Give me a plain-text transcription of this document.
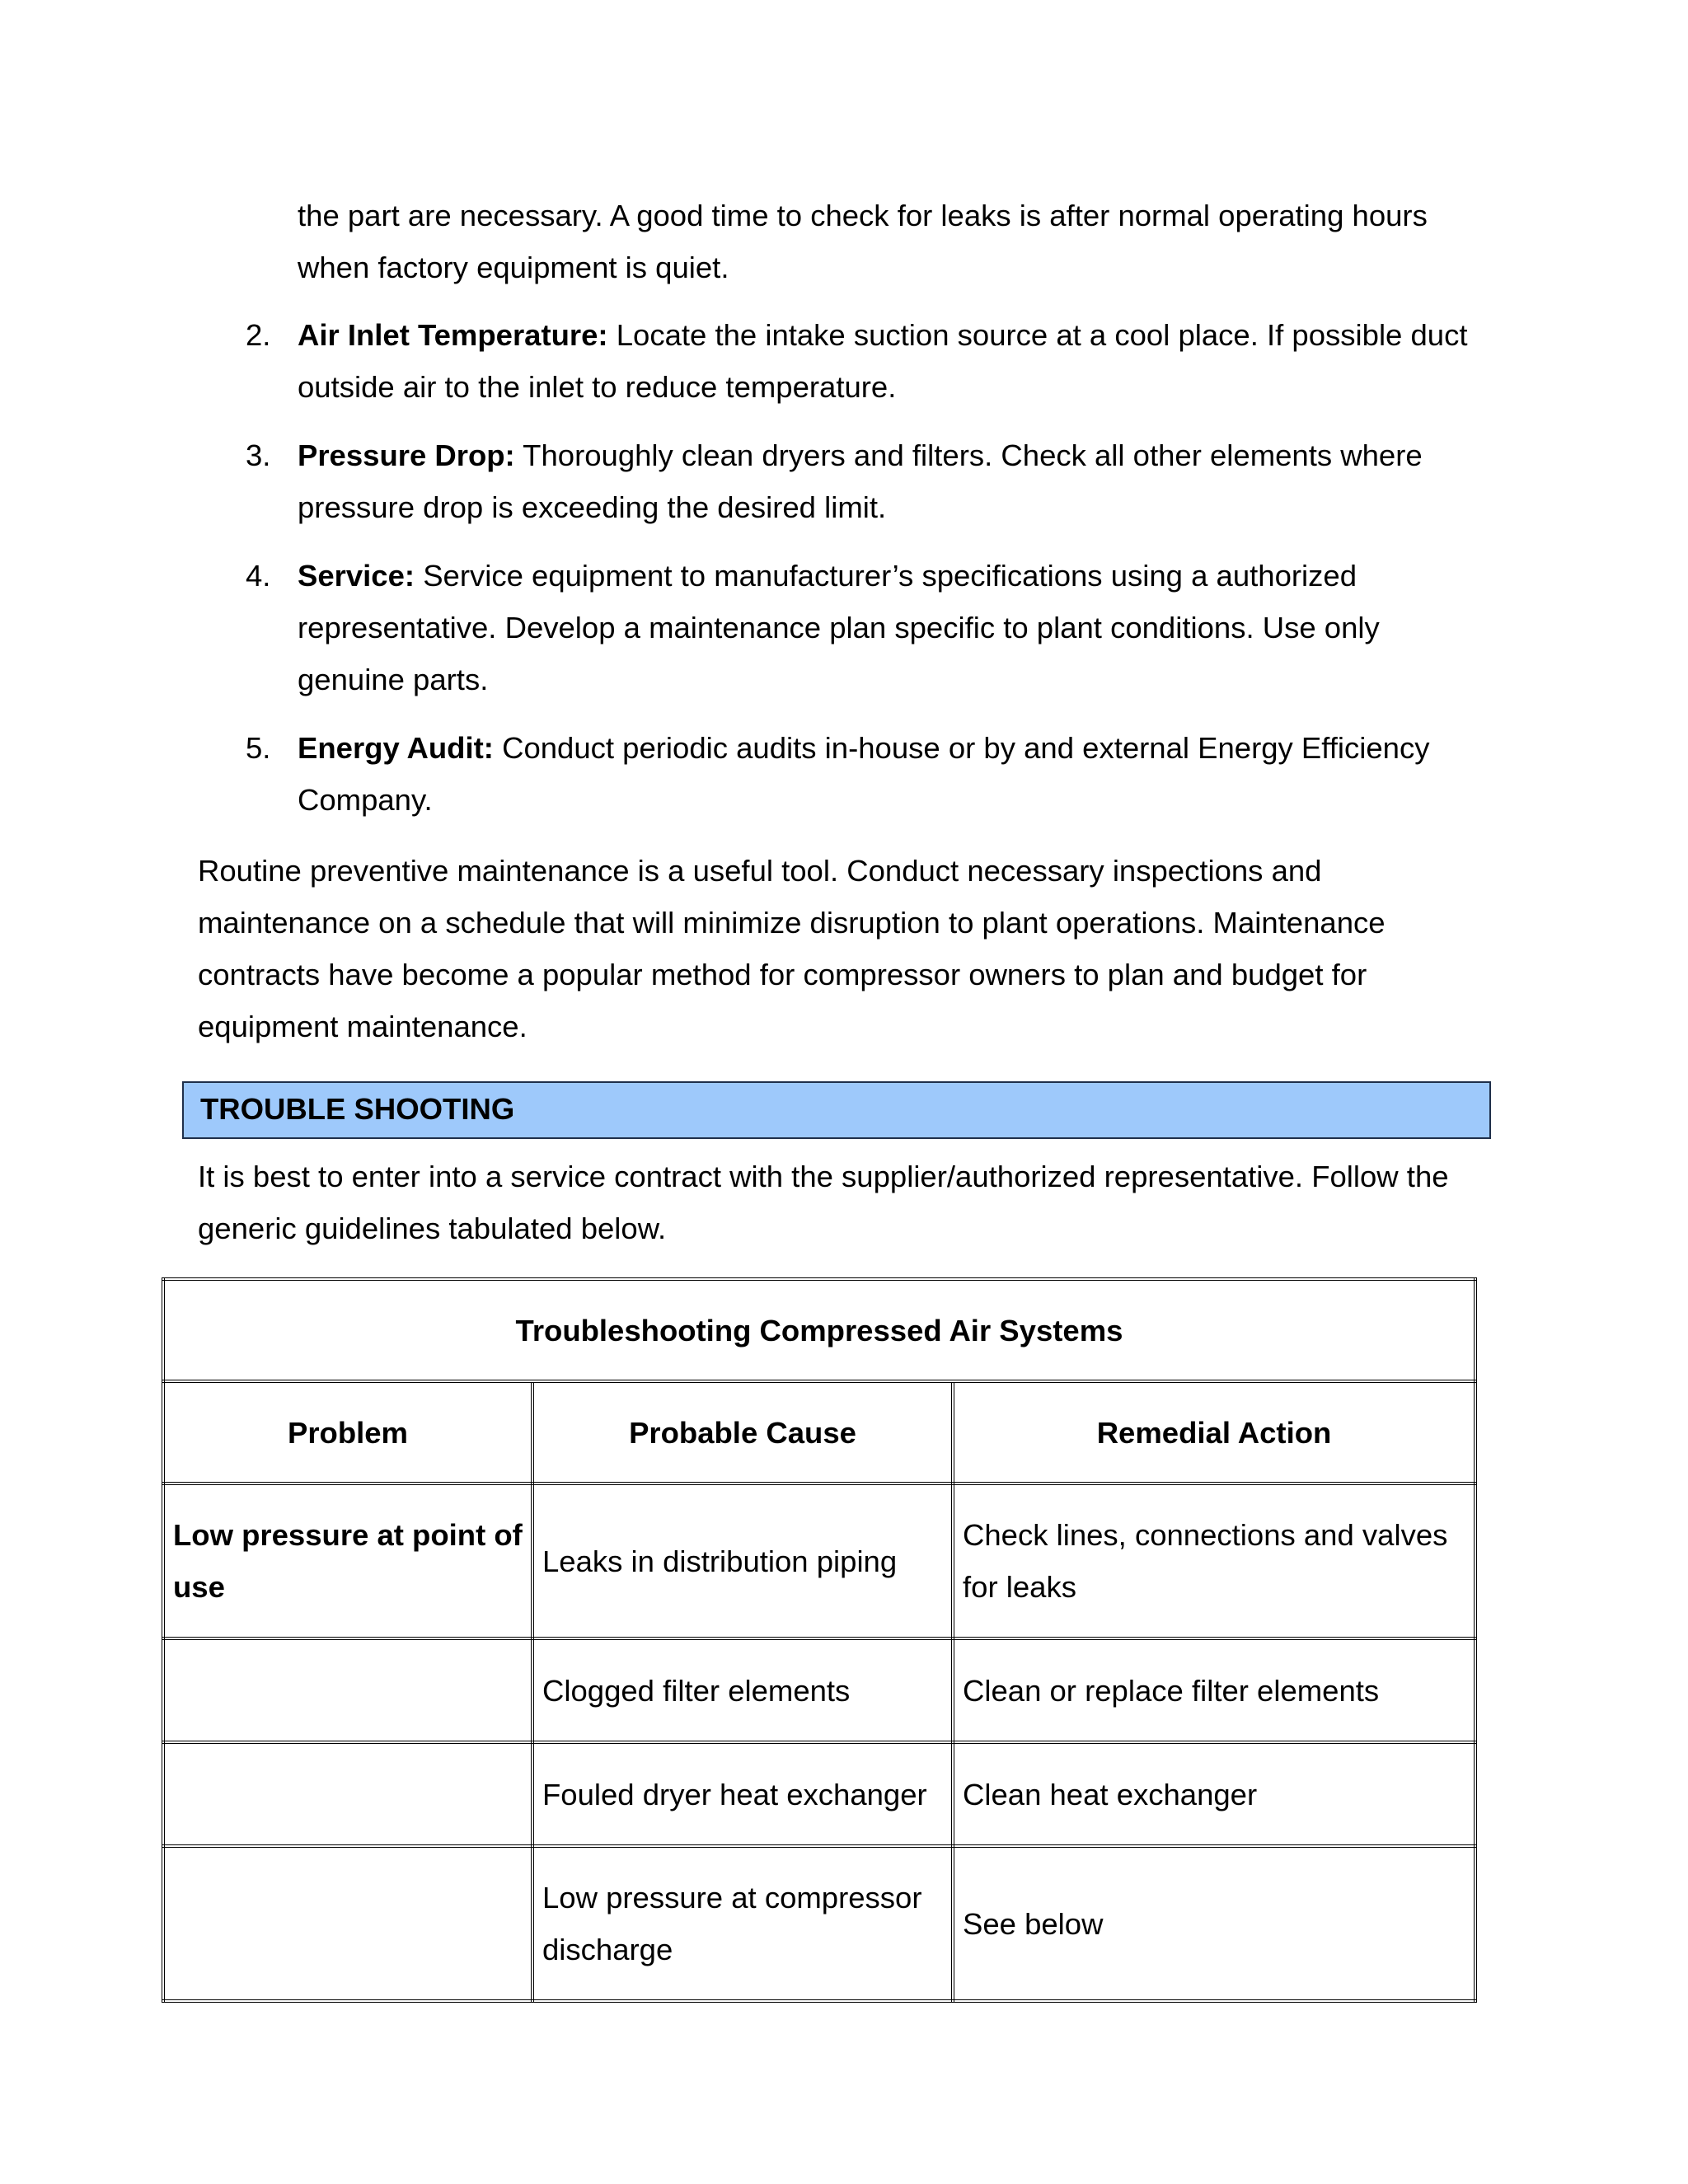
the part are necessary. A good time to check for leaks is after normal operating hours when factory equipment is quiet.

2. Air Inlet Temperature: Locate the intake suction source at a cool place. If possible duct outside air to the inlet to reduce temperature.
3. Pressure Drop: Thoroughly clean dryers and filters. Check all other elements where pressure drop is exceeding the desired limit.
4. Service: Service equipment to manufacturer’s specifications using a authorized representative. Develop a maintenance plan specific to plant conditions. Use only genuine parts.
5. Energy Audit: Conduct periodic audits in-house or by and external Energy Efficiency Company.

Routine preventive maintenance is a useful tool. Conduct necessary inspections and maintenance on a schedule that will minimize disruption to plant operations. Maintenance contracts have become a popular method for compressor owners to plan and budget for equipment maintenance.

TROUBLE SHOOTING

It is best to enter into a service contract with the supplier/authorized representative. Follow the generic guidelines tabulated below.

Troubleshooting Compressed Air Systems		
Problem	Probable Cause	Remedial Action
Low pressure at point of use	Leaks in distribution piping	Check lines, connections and valves for leaks
	Clogged filter elements	Clean or replace filter elements
	Fouled dryer heat exchanger	Clean heat exchanger
	Low pressure at compressor discharge	See below
